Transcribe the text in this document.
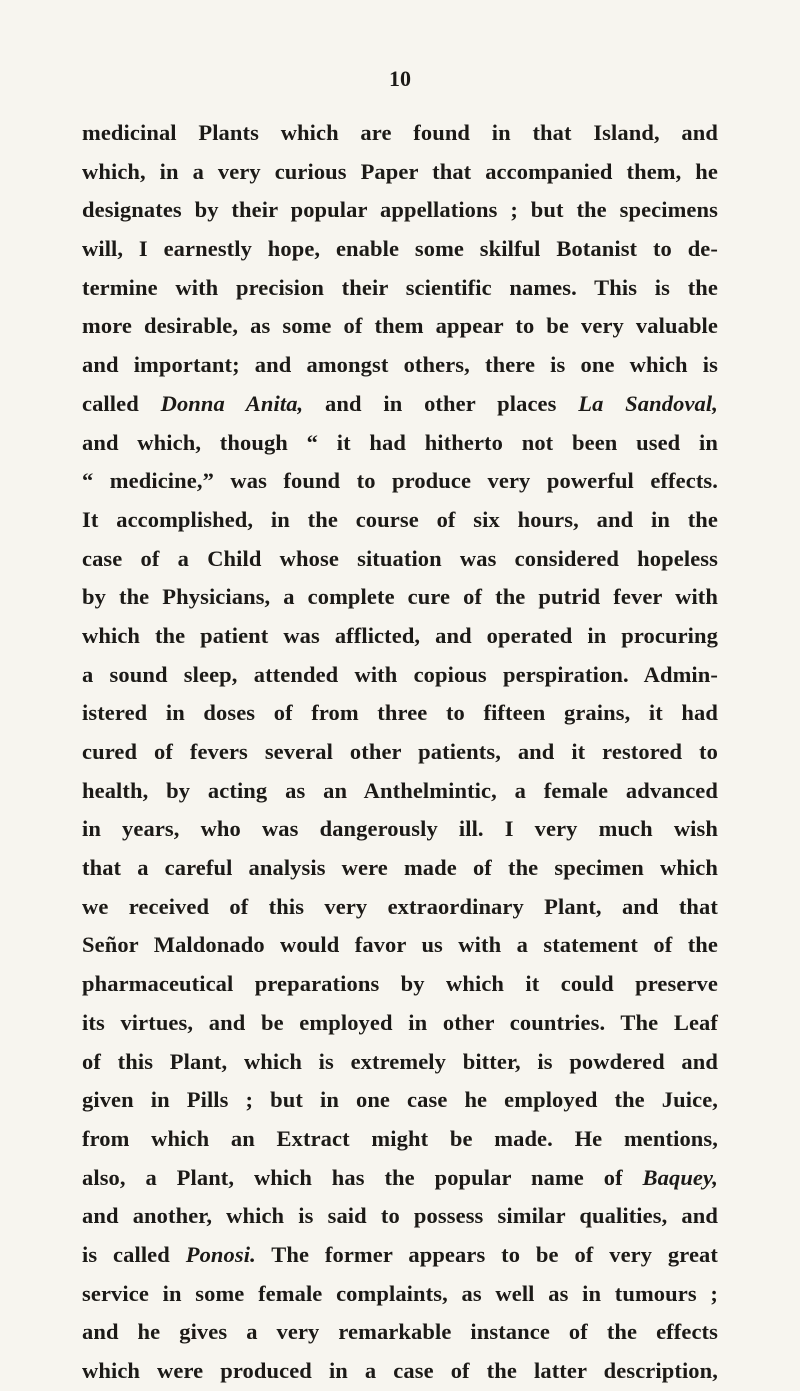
10
medicinal Plants which are found in that Island, and
which, in a very curious Paper that accompanied them, he
designates by their popular appellations ; but the specimens
will, I earnestly hope, enable some skilful Botanist to de-
termine with precision their scientific names. This is the
more desirable, as some of them appear to be very valuable
and important; and amongst others, there is one which is
called Donna Anita, and in other places La Sandoval,
and which, though “ it had hitherto not been used in
“ medicine,” was found to produce very powerful effects.
It accomplished, in the course of six hours, and in the
case of a Child whose situation was considered hopeless
by the Physicians, a complete cure of the putrid fever with
which the patient was afflicted, and operated in procuring
a sound sleep, attended with copious perspiration. Admin-
istered in doses of from three to fifteen grains, it had
cured of fevers several other patients, and it restored to
health, by acting as an Anthelmintic, a female advanced
in years, who was dangerously ill. I very much wish
that a careful analysis were made of the specimen which
we received of this very extraordinary Plant, and that
Señor Maldonado would favor us with a statement of the
pharmaceutical preparations by which it could preserve
its virtues, and be employed in other countries. The Leaf
of this Plant, which is extremely bitter, is powdered and
given in Pills ; but in one case he employed the Juice,
from which an Extract might be made. He mentions,
also, a Plant, which has the popular name of Baquey,
and another, which is said to possess similar qualities, and
is called Ponosi. The former appears to be of very great
service in some female complaints, as well as in tumours ;
and he gives a very remarkable instance of the effects
which were produced in a case of the latter description,
